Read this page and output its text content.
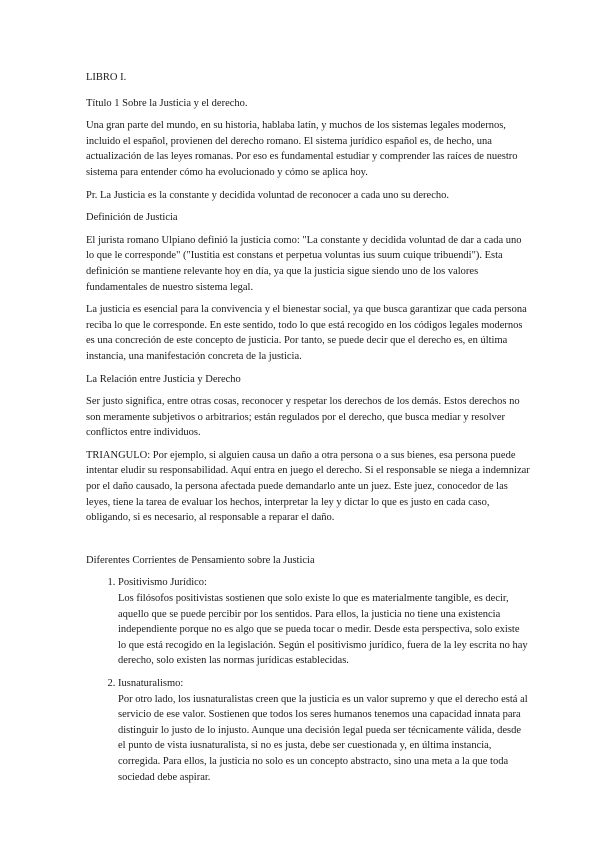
LIBRO I.

Título 1 Sobre la Justicia y el derecho.

Una gran parte del mundo, en su historia, hablaba latín, y muchos de los sistemas legales modernos, incluido el español, provienen del derecho romano. El sistema jurídico español es, de hecho, una actualización de las leyes romanas. Por eso es fundamental estudiar y comprender las raíces de nuestro sistema para entender cómo ha evolucionado y cómo se aplica hoy.

Pr. La Justicia es la constante y decidida voluntad de reconocer a cada uno su derecho.

Definición de Justicia

El jurista romano Ulpiano definió la justicia como: "La constante y decidida voluntad de dar a cada uno lo que le corresponde" ("Iustitia est constans et perpetua voluntas ius suum cuique tribuendi"). Esta definición se mantiene relevante hoy en día, ya que la justicia sigue siendo uno de los valores fundamentales de nuestro sistema legal.

La justicia es esencial para la convivencia y el bienestar social, ya que busca garantizar que cada persona reciba lo que le corresponde. En este sentido, todo lo que está recogido en los códigos legales modernos es una concreción de este concepto de justicia. Por tanto, se puede decir que el derecho es, en última instancia, una manifestación concreta de la justicia.

La Relación entre Justicia y Derecho

Ser justo significa, entre otras cosas, reconocer y respetar los derechos de los demás. Estos derechos no son meramente subjetivos o arbitrarios; están regulados por el derecho, que busca mediar y resolver conflictos entre individuos.

TRIANGULO: Por ejemplo, si alguien causa un daño a otra persona o a sus bienes, esa persona puede intentar eludir su responsabilidad. Aquí entra en juego el derecho. Si el responsable se niega a indemnizar por el daño causado, la persona afectada puede demandarlo ante un juez. Este juez, conocedor de las leyes, tiene la tarea de evaluar los hechos, interpretar la ley y dictar lo que es justo en cada caso, obligando, si es necesario, al responsable a reparar el daño.

Diferentes Corrientes de Pensamiento sobre la Justicia

1. Positivismo Jurídico:
Los filósofos positivistas sostienen que solo existe lo que es materialmente tangible, es decir, aquello que se puede percibir por los sentidos. Para ellos, la justicia no tiene una existencia independiente porque no es algo que se pueda tocar o medir. Desde esta perspectiva, solo existe lo que está recogido en la legislación. Según el positivismo jurídico, fuera de la ley escrita no hay derecho, solo existen las normas jurídicas establecidas.
2. Iusnaturalismo:
Por otro lado, los iusnaturalistas creen que la justicia es un valor supremo y que el derecho está al servicio de ese valor. Sostienen que todos los seres humanos tenemos una capacidad innata para distinguir lo justo de lo injusto. Aunque una decisión legal pueda ser técnicamente válida, desde el punto de vista iusnaturalista, si no es justa, debe ser cuestionada y, en última instancia, corregida. Para ellos, la justicia no solo es un concepto abstracto, sino una meta a la que toda sociedad debe aspirar.
